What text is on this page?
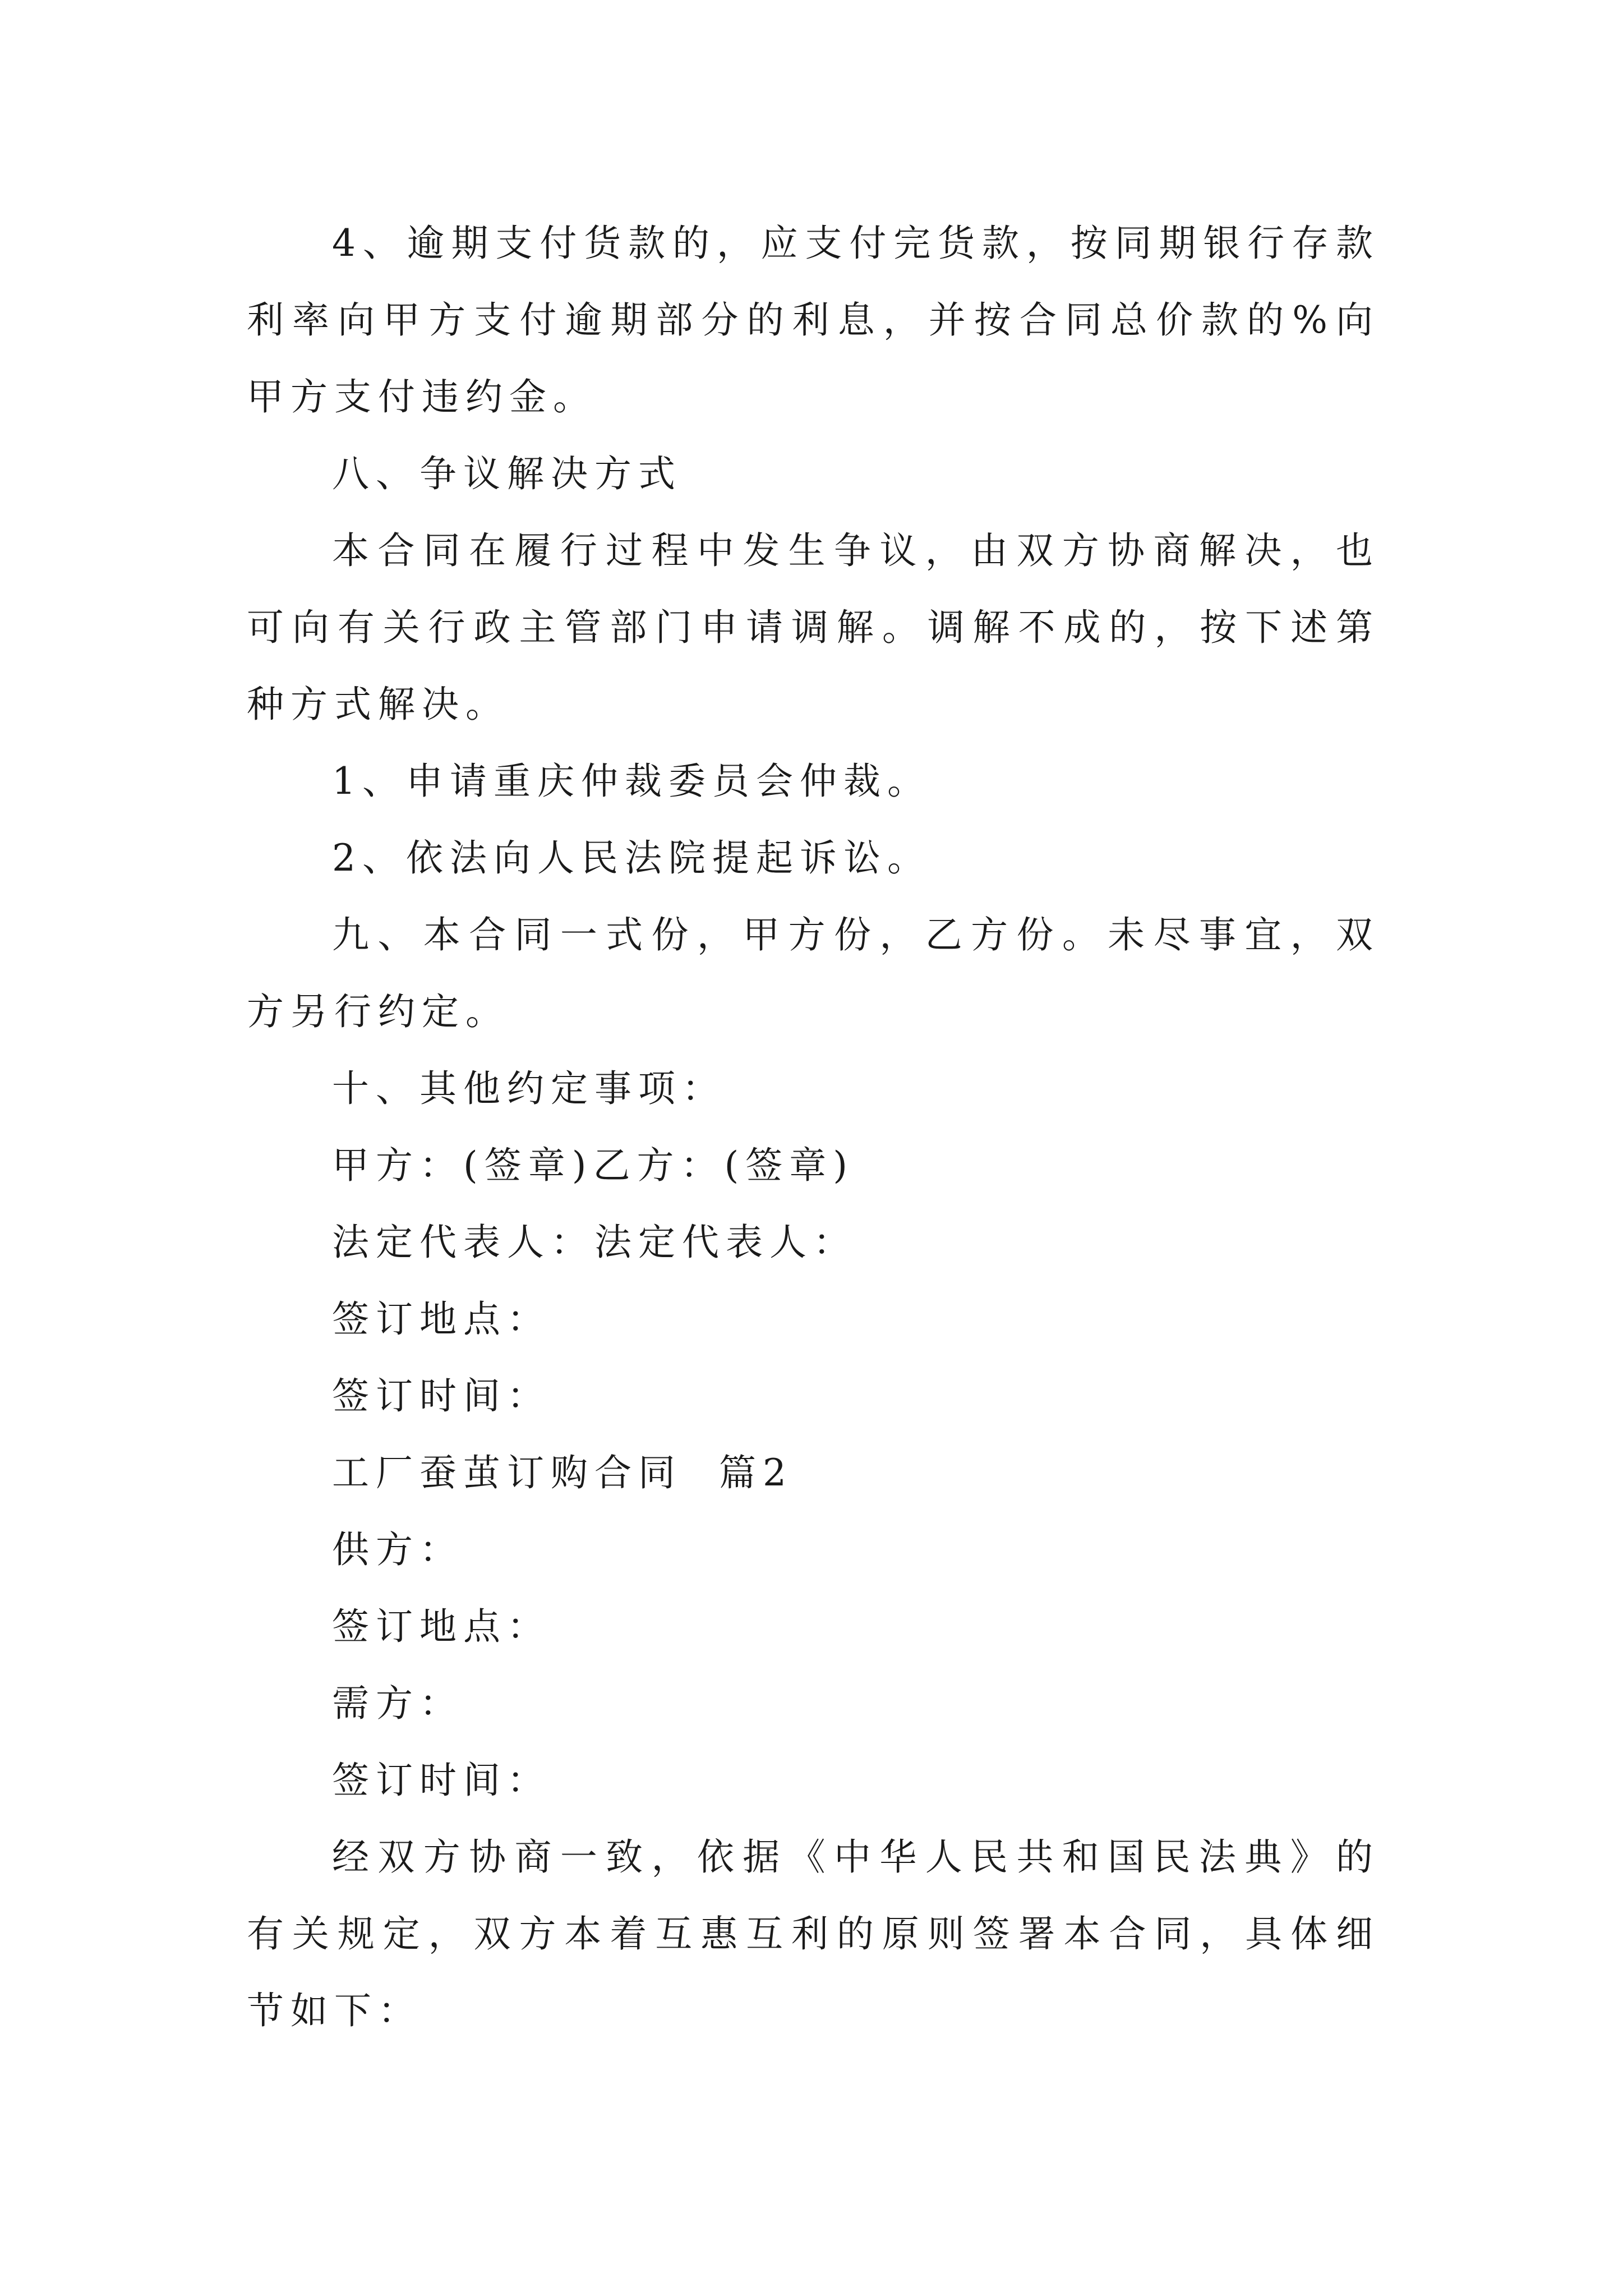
4、逾期支付货款的，应支付完货款，按同期银行存款利率向甲方支付逾期部分的利息，并按合同总价款的%向甲方支付违约金。

八、争议解决方式

本合同在履行过程中发生争议，由双方协商解决，也可向有关行政主管部门申请调解。调解不成的，按下述第种方式解决。

1、申请重庆仲裁委员会仲裁。

2、依法向人民法院提起诉讼。

九、本合同一式份，甲方份，乙方份。未尽事宜，双方另行约定。

十、其他约定事项：

甲方：(签章)乙方：(签章)

法定代表人：法定代表人：

签订地点：

签订时间：

工厂蚕茧订购合同  篇2

供方：

签订地点：

需方：

签订时间：

经双方协商一致，依据《中华人民共和国民法典》的有关规定，双方本着互惠互利的原则签署本合同，具体细节如下：
